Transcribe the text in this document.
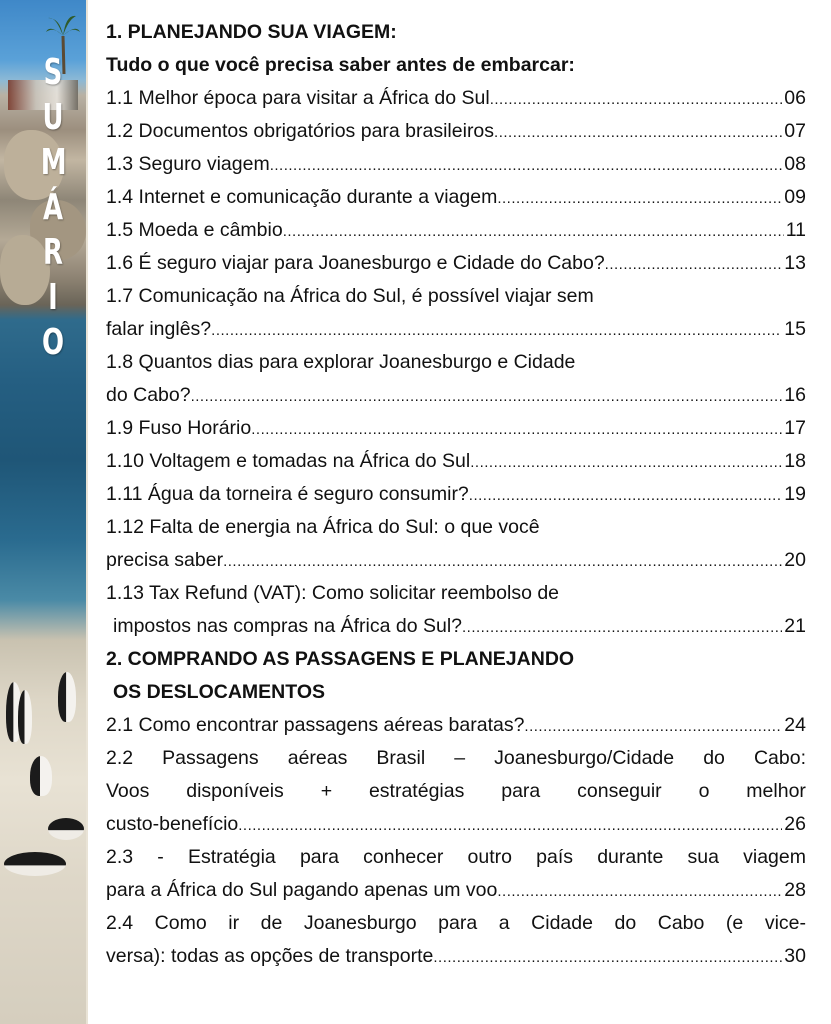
S
U
M
Á
R
I
O
1. PLANEJANDO SUA VIAGEM:
Tudo o que você precisa saber antes de embarcar:
1.1 Melhor época para visitar a África do Sul .....	06
1.2 Documentos obrigatórios para brasileiros .....	07
1.3 Seguro viagem .....	08
1.4 Internet e comunicação durante a viagem .....	09
1.5 Moeda e câmbio .....	11
1.6 É seguro viajar para Joanesburgo e Cidade do Cabo? .....	13
1.7 Comunicação na África do Sul, é possível viajar sem
falar inglês? .....	15
1.8 Quantos dias para explorar Joanesburgo e Cidade
do Cabo? .....	16
1.9 Fuso Horário .....	17
1.10 Voltagem e tomadas na África do Sul .....	18
1.11 Água da torneira é seguro consumir? .....	19
1.12 Falta de energia na África do Sul: o que você
precisa saber .....	20
1.13 Tax Refund (VAT): Como solicitar reembolso de
impostos nas compras na África do Sul? .....	21
2. COMPRANDO AS PASSAGENS E PLANEJANDO
OS DESLOCAMENTOS
2.1 Como encontrar passagens aéreas baratas? .....	24
2.2 Passagens aéreas Brasil – Joanesburgo/Cidade do Cabo:
Voos disponíveis + estratégias para conseguir o melhor
custo-benefício .....	26
2.3 - Estratégia para conhecer outro país durante sua viagem
para a África do Sul pagando apenas um voo .....	28
2.4 Como ir de Joanesburgo para a Cidade do Cabo (e vice-
versa): todas as opções de transporte .....	30
